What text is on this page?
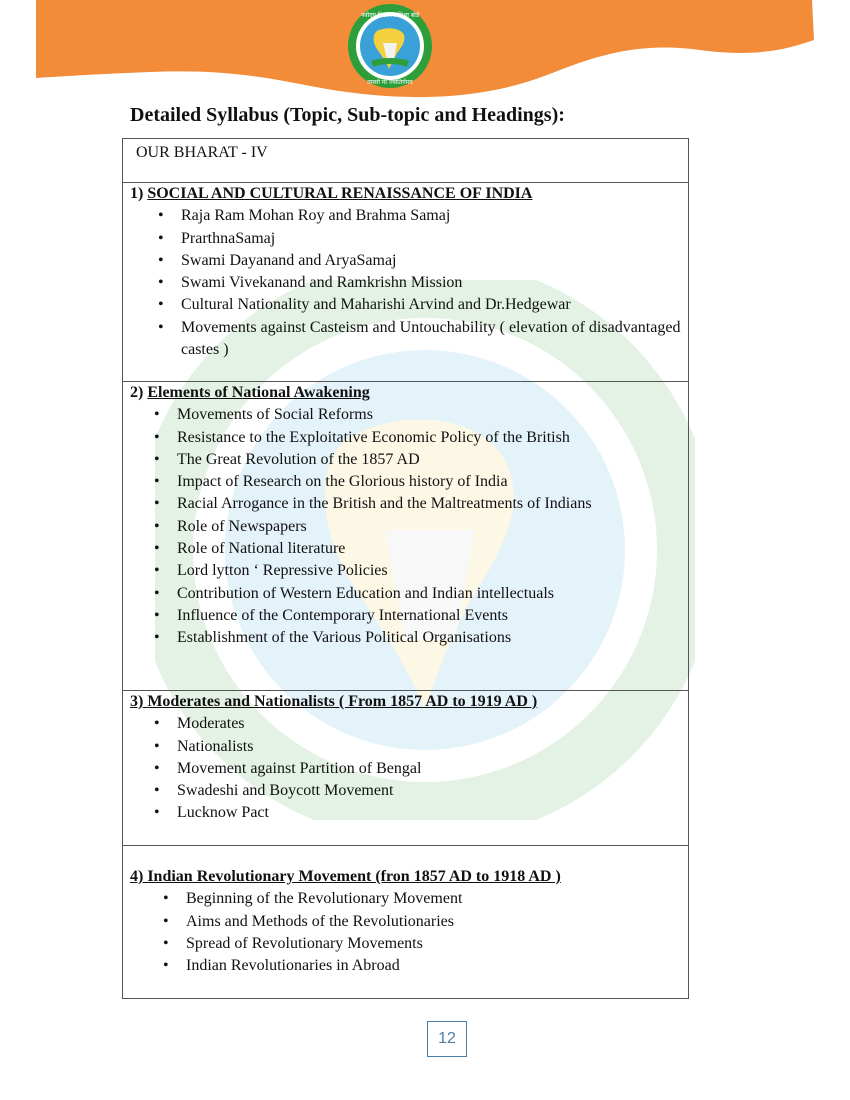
नवोदय विद्यालय शिक्षा बोर्ड
तमसो मा ज्योतिर्गमय
Detailed Syllabus (Topic, Sub-topic and Headings):
OUR BHARAT - IV

1) SOCIAL AND CULTURAL RENAISSANCE OF INDIA

• Raja Ram Mohan Roy and Brahma Samaj
• PrarthnaSamaj
• Swami Dayanand and AryaSamaj
• Swami Vivekanand and Ramkrishn Mission
• Cultural Nationality and Maharishi Arvind and Dr.Hedgewar
• Movements against Casteism and Untouchability ( elevation of disadvantaged castes )

2) Elements of National Awakening

• Movements of Social Reforms
• Resistance to the Exploitative Economic Policy of the British
• The Great Revolution of the 1857 AD
• Impact of Research on the Glorious history of India
• Racial Arrogance in the British and the Maltreatments of Indians
• Role of Newspapers
• Role of National literature
• Lord lytton ‘ Repressive Policies
• Contribution of Western Education and Indian intellectuals
• Influence of the Contemporary International Events
• Establishment of the Various Political Organisations

3) Moderates and Nationalists ( From 1857 AD to 1919 AD )

• Moderates
• Nationalists
• Movement against Partition of Bengal
• Swadeshi and Boycott Movement
• Lucknow Pact

4) Indian Revolutionary Movement (fron 1857 AD to 1918 AD )

• Beginning of the Revolutionary Movement
• Aims and Methods of the Revolutionaries
• Spread of Revolutionary Movements
• Indian Revolutionaries in Abroad
12
